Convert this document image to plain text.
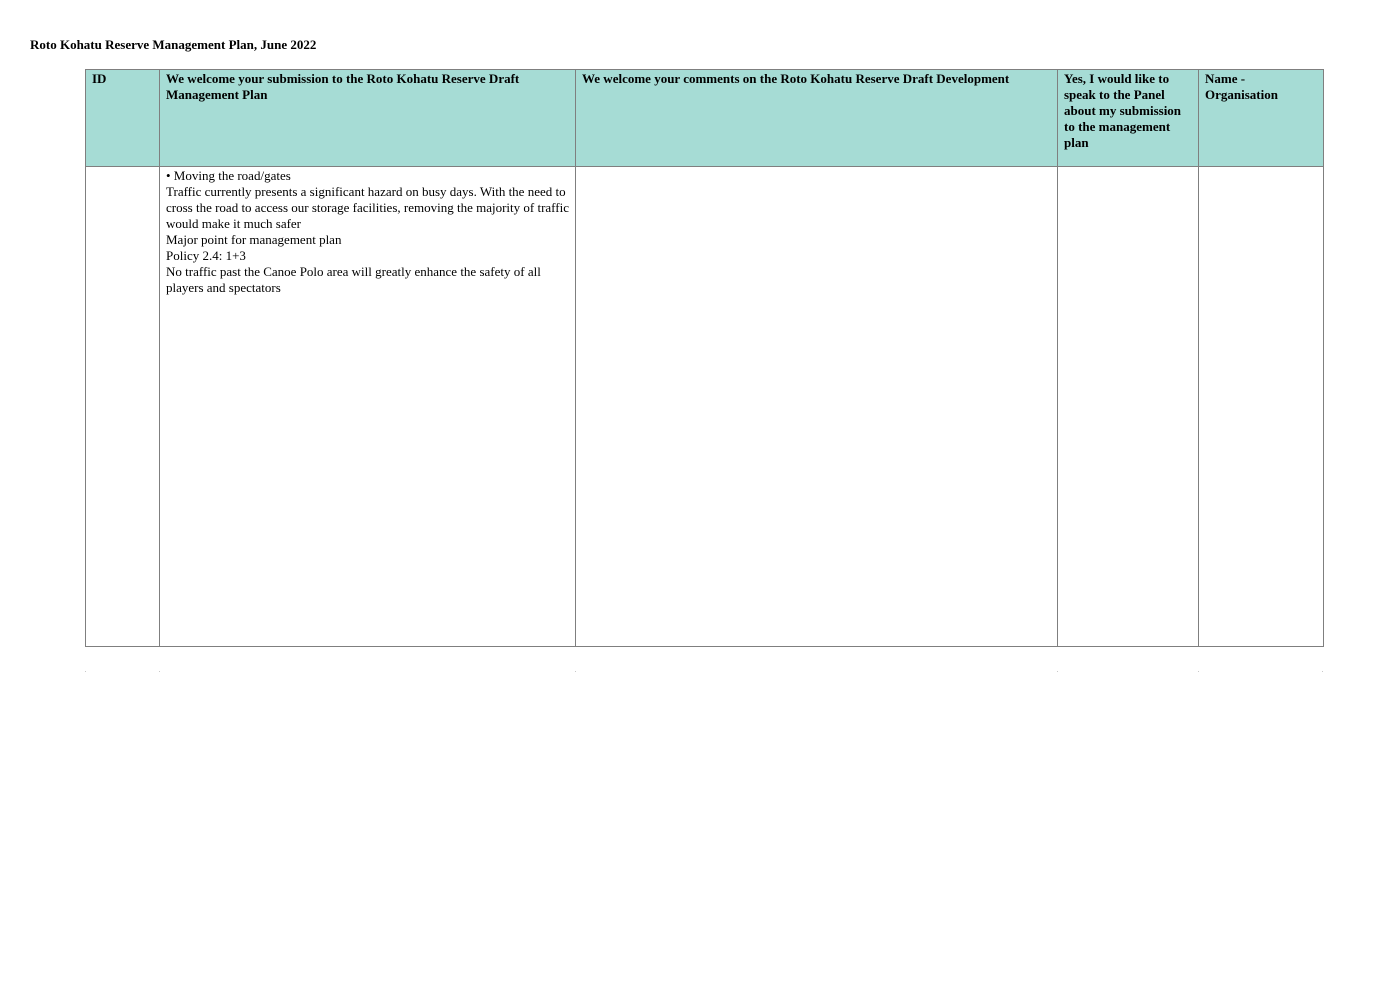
Roto Kohatu Reserve Management Plan, June 2022
ID	We welcome your submission to the Roto Kohatu Reserve Draft Management Plan	We welcome your comments on the Roto Kohatu Reserve Draft Development	Yes, I would like to speak to the Panel about my submission to the management plan	Name - Organisation

	• Moving the road/gates
Traffic currently presents a significant hazard on busy days. With the need to cross the road to access our storage facilities, removing the majority of traffic would make it much safer
Major point for management plan
Policy 2.4: 1+3
No traffic past the Canoe Polo area will greatly enhance the safety of all players and spectators			
